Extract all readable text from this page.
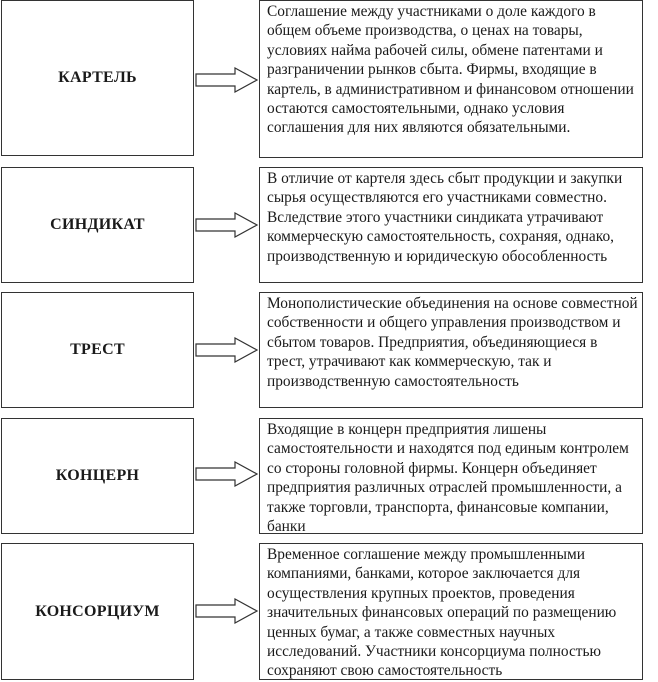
КАРТЕЛЬ
Соглашение между участниками о доле каждого в общем объеме производства, о ценах на товары, условиях найма рабочей силы, обмене патентами и разграничении рынков сбыта. Фирмы, входящие в картель, в административном и финансовом отношении остаются самостоятельными, однако условия соглашения для них являются обязательными.
СИНДИКАТ
В отличие от картеля здесь сбыт продукции и закупки сырья осуществляются его участниками совместно. Вследствие этого участники синдиката утрачивают коммерческую самостоятельность, сохраняя, однако, производственную и юридическую обособленность
ТРЕСТ
Монополистические объединения на основе совместной собственности и общего управления производством и сбытом товаров. Предприятия, объединяющиеся в трест, утрачивают как коммерческую, так и производственную самостоятельность
КОНЦЕРН
Входящие в концерн предприятия лишены самостоятельности и находятся под единым контролем со стороны головной фирмы. Концерн объединяет предприятия различных отраслей промышленности, а также торговли, транспорта, финансовые компании, банки
КОНСОРЦИУМ
Временное соглашение между промышленными компаниями, банками, которое заключается для осуществления крупных проектов, проведения значительных финансовых операций по размещению ценных бумаг, а также совместных научных исследований. Участники консорциума полностью сохраняют свою самостоятельность
